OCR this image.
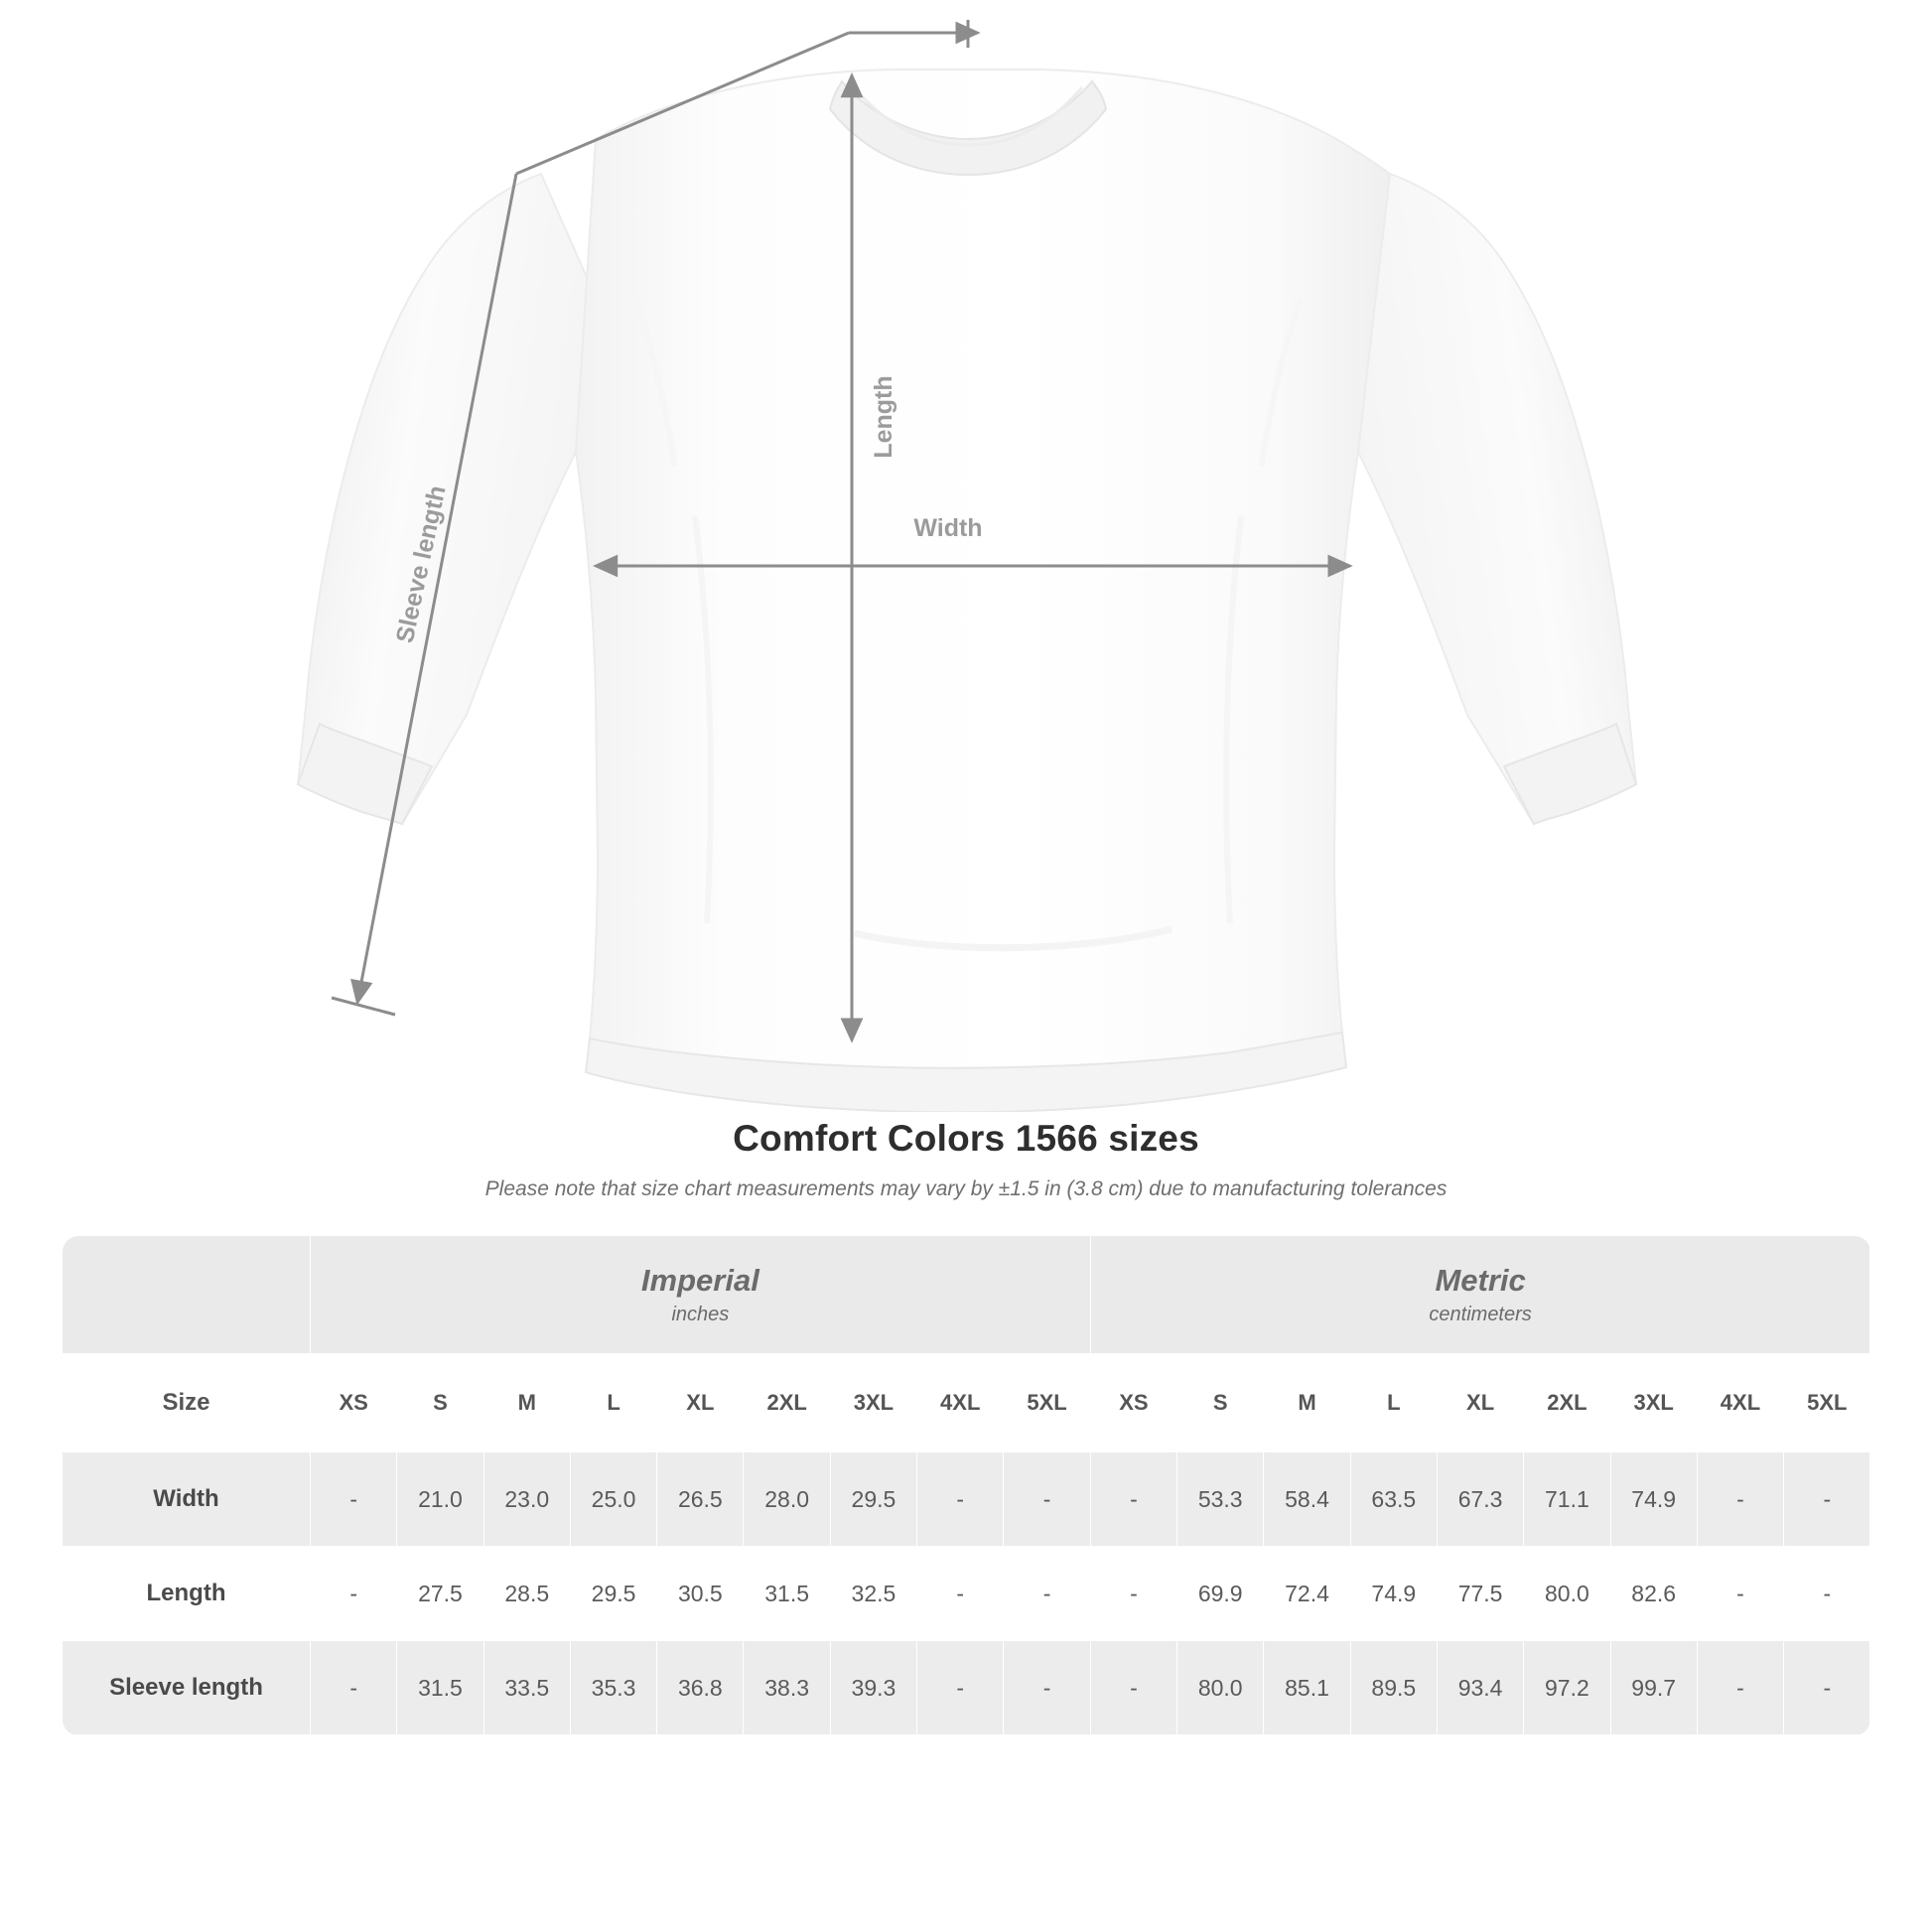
Length
Width
Sleeve length
Comfort Colors 1566 sizes
Please note that size chart measurements may vary by ±1.5 in (3.8 cm) due to manufacturing tolerances

Imperial
inches

Metric
centimeters

Size	XS	S	M	L	XL	2XL	3XL	4XL	5XL	XS	S	M	L	XL	2XL	3XL	4XL	5XL
Width	-	21.0	23.0	25.0	26.5	28.0	29.5	-	-	-	53.3	58.4	63.5	67.3	71.1	74.9	-	-
Length	-	27.5	28.5	29.5	30.5	31.5	32.5	-	-	-	69.9	72.4	74.9	77.5	80.0	82.6	-	-
Sleeve length	-	31.5	33.5	35.3	36.8	38.3	39.3	-	-	-	80.0	85.1	89.5	93.4	97.2	99.7	-	-
